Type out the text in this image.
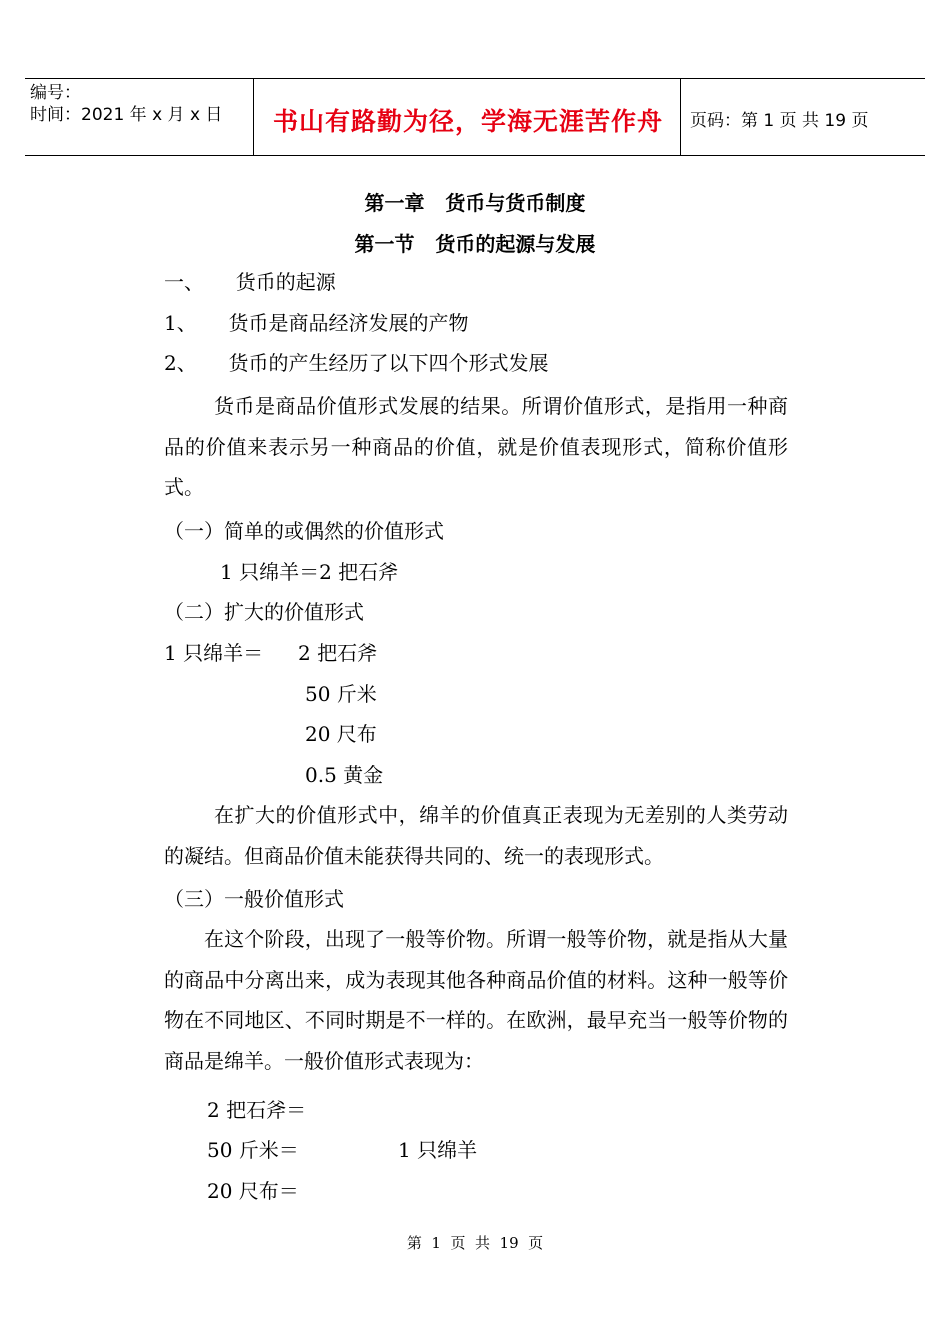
编号：
时间：2021 年 x 月 x 日	书山有路勤为径，学海无涯苦作舟	页码：第 1 页 共 19 页
第一章   货币与货币制度
第一节   货币的起源与发展
一、     货币的起源
1、     货币是商品经济发展的产物
2、     货币的产生经历了以下四个形式发展
货币是商品价值形式发展的结果。所谓价值形式，是指用一种商品的价值来表示另一种商品的价值，就是价值表现形式，简称价值形式。
（一）简单的或偶然的价值形式
1 只绵羊＝2 把石斧
（二）扩大的价值形式
1 只绵羊＝ 2 把石斧
50 斤米
20 尺布
0.5 黄金
在扩大的价值形式中，绵羊的价值真正表现为无差别的人类劳动的凝结。但商品价值未能获得共同的、统一的表现形式。
（三）一般价值形式
在这个阶段，出现了一般等价物。所谓一般等价物，就是指从大量的商品中分离出来，成为表现其他各种商品价值的材料。这种一般等价物在不同地区、不同时期是不一样的。在欧洲，最早充当一般等价物的商品是绵羊。一般价值形式表现为：
2 把石斧＝
50 斤米＝
20 尺布＝
1 只绵羊
第  1  页  共  19  页
